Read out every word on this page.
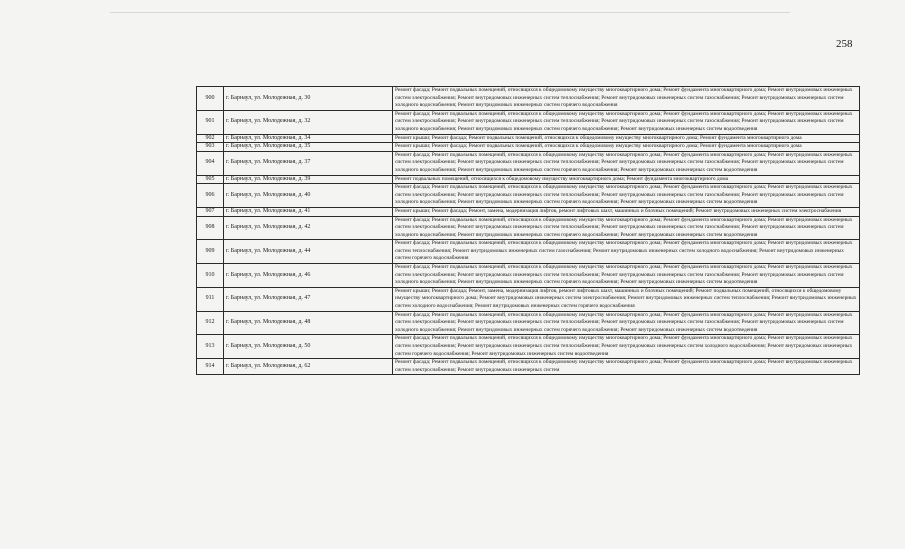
258
900	г. Барнаул, ул. Молодежная, д. 30	Ремонт фасада; Ремонт подвальных помещений, относящихся к общедомовому имуществу многоквартирного дома; Ремонт фундамента многоквартирного дома; Ремонт внутридомовых инженерных систем электроснабжения; Ремонт внутридомовых инженерных систем теплоснабжения; Ремонт внутридомовых инженерных систем газоснабжения; Ремонт внутридомовых инженерных систем холодного водоснабжения; Ремонт внутридомовых инженерных систем горячего водоснабжения
901	г. Барнаул, ул. Молодежная, д. 32	Ремонт фасада; Ремонт подвальных помещений, относящихся к общедомовому имуществу многоквартирного дома; Ремонт фундамента многоквартирного дома; Ремонт внутридомовых инженерных систем электроснабжения; Ремонт внутридомовых инженерных систем теплоснабжения; Ремонт внутридомовых инженерных систем газоснабжения; Ремонт внутридомовых инженерных систем холодного водоснабжения; Ремонт внутридомовых инженерных систем горячего водоснабжения; Ремонт внутридомовых инженерных систем водоотведения
902	г. Барнаул, ул. Молодежная, д. 34	Ремонт крыши; Ремонт фасада; Ремонт подвальных помещений, относящихся к общедомовому имуществу многоквартирного дома; Ремонт фундамента многоквартирного дома
903	г. Барнаул, ул. Молодежная, д. 35	Ремонт крыши; Ремонт фасада; Ремонт подвальных помещений, относящихся к общедомовому имуществу многоквартирного дома; Ремонт фундамента многоквартирного дома
904	г. Барнаул, ул. Молодежная, д. 37	Ремонт фасада; Ремонт подвальных помещений, относящихся к общедомовому имуществу многоквартирного дома; Ремонт фундамента многоквартирного дома; Ремонт внутридомовых инженерных систем электроснабжения; Ремонт внутридомовых инженерных систем теплоснабжения; Ремонт внутридомовых инженерных систем газоснабжения; Ремонт внутридомовых инженерных систем холодного водоснабжения; Ремонт внутридомовых инженерных систем горячего водоснабжения; Ремонт внутридомовых инженерных систем водоотведения
905	г. Барнаул, ул. Молодежная, д. 39	Ремонт подвальных помещений, относящихся к общедомовому имуществу многоквартирного дома; Ремонт фундамента многоквартирного дома
906	г. Барнаул, ул. Молодежная, д. 40	Ремонт фасада; Ремонт подвальных помещений, относящихся к общедомовому имуществу многоквартирного дома; Ремонт фундамента многоквартирного дома; Ремонт внутридомовых инженерных систем электроснабжения; Ремонт внутридомовых инженерных систем теплоснабжения; Ремонт внутридомовых инженерных систем газоснабжения; Ремонт внутридомовых инженерных систем холодного водоснабжения; Ремонт внутридомовых инженерных систем горячего водоснабжения; Ремонт внутридомовых инженерных систем водоотведения
907	г. Барнаул, ул. Молодежная, д. 41	Ремонт крыши; Ремонт фасада; Ремонт, замена, модернизация лифтов, ремонт лифтовых шахт, машинных и блочных помещений; Ремонт внутридомовых инженерных систем электроснабжения
908	г. Барнаул, ул. Молодежная, д. 42	Ремонт фасада; Ремонт подвальных помещений, относящихся к общедомовому имуществу многоквартирного дома; Ремонт фундамента многоквартирного дома; Ремонт внутридомовых инженерных систем электроснабжения; Ремонт внутридомовых инженерных систем теплоснабжения; Ремонт внутридомовых инженерных систем газоснабжения; Ремонт внутридомовых инженерных систем холодного водоснабжения; Ремонт внутридомовых инженерных систем горячего водоснабжения; Ремонт внутридомовых инженерных систем водоотведения
909	г. Барнаул, ул. Молодежная, д. 44	Ремонт фасада; Ремонт подвальных помещений, относящихся к общедомовому имуществу многоквартирного дома; Ремонт фундамента многоквартирного дома; Ремонт внутридомовых инженерных систем теплоснабжения; Ремонт внутридомовых инженерных систем газоснабжения; Ремонт внутридомовых инженерных систем холодного водоснабжения; Ремонт внутридомовых инженерных систем горячего водоснабжения
910	г. Барнаул, ул. Молодежная, д. 46	Ремонт фасада; Ремонт подвальных помещений, относящихся к общедомовому имуществу многоквартирного дома; Ремонт фундамента многоквартирного дома; Ремонт внутридомовых инженерных систем электроснабжения; Ремонт внутридомовых инженерных систем теплоснабжения; Ремонт внутридомовых инженерных систем газоснабжения; Ремонт внутридомовых инженерных систем холодного водоснабжения; Ремонт внутридомовых инженерных систем горячего водоснабжения; Ремонт внутридомовых инженерных систем водоотведения
911	г. Барнаул, ул. Молодежная, д. 47	Ремонт крыши; Ремонт фасада; Ремонт, замена, модернизация лифтов, ремонт лифтовых шахт, машинных и блочных помещений; Ремонт подвальных помещений, относящихся к общедомовому имуществу многоквартирного дома; Ремонт внутридомовых инженерных систем электроснабжения; Ремонт внутридомовых инженерных систем теплоснабжения; Ремонт внутридомовых инженерных систем холодного водоснабжения; Ремонт внутридомовых инженерных систем горячего водоснабжения
912	г. Барнаул, ул. Молодежная, д. 48	Ремонт фасада; Ремонт подвальных помещений, относящихся к общедомовому имуществу многоквартирного дома; Ремонт фундамента многоквартирного дома; Ремонт внутридомовых инженерных систем электроснабжения; Ремонт внутридомовых инженерных систем теплоснабжения; Ремонт внутридомовых инженерных систем газоснабжения; Ремонт внутридомовых инженерных систем холодного водоснабжения; Ремонт внутридомовых инженерных систем горячего водоснабжения; Ремонт внутридомовых инженерных систем водоотведения
913	г. Барнаул, ул. Молодежная, д. 50	Ремонт фасада; Ремонт подвальных помещений, относящихся к общедомовому имуществу многоквартирного дома; Ремонт фундамента многоквартирного дома; Ремонт внутридомовых инженерных систем электроснабжения; Ремонт внутридомовых инженерных систем теплоснабжения; Ремонт внутридомовых инженерных систем холодного водоснабжения; Ремонт внутридомовых инженерных систем горячего водоснабжения; Ремонт внутридомовых инженерных систем водоотведения
914	г. Барнаул, ул. Молодежная, д. 62	Ремонт фасада; Ремонт подвальных помещений, относящихся к общедомовому имуществу многоквартирного дома; Ремонт фундамента многоквартирного дома; Ремонт внутридомовых инженерных систем электроснабжения; Ремонт внутридомовых инженерных систем
